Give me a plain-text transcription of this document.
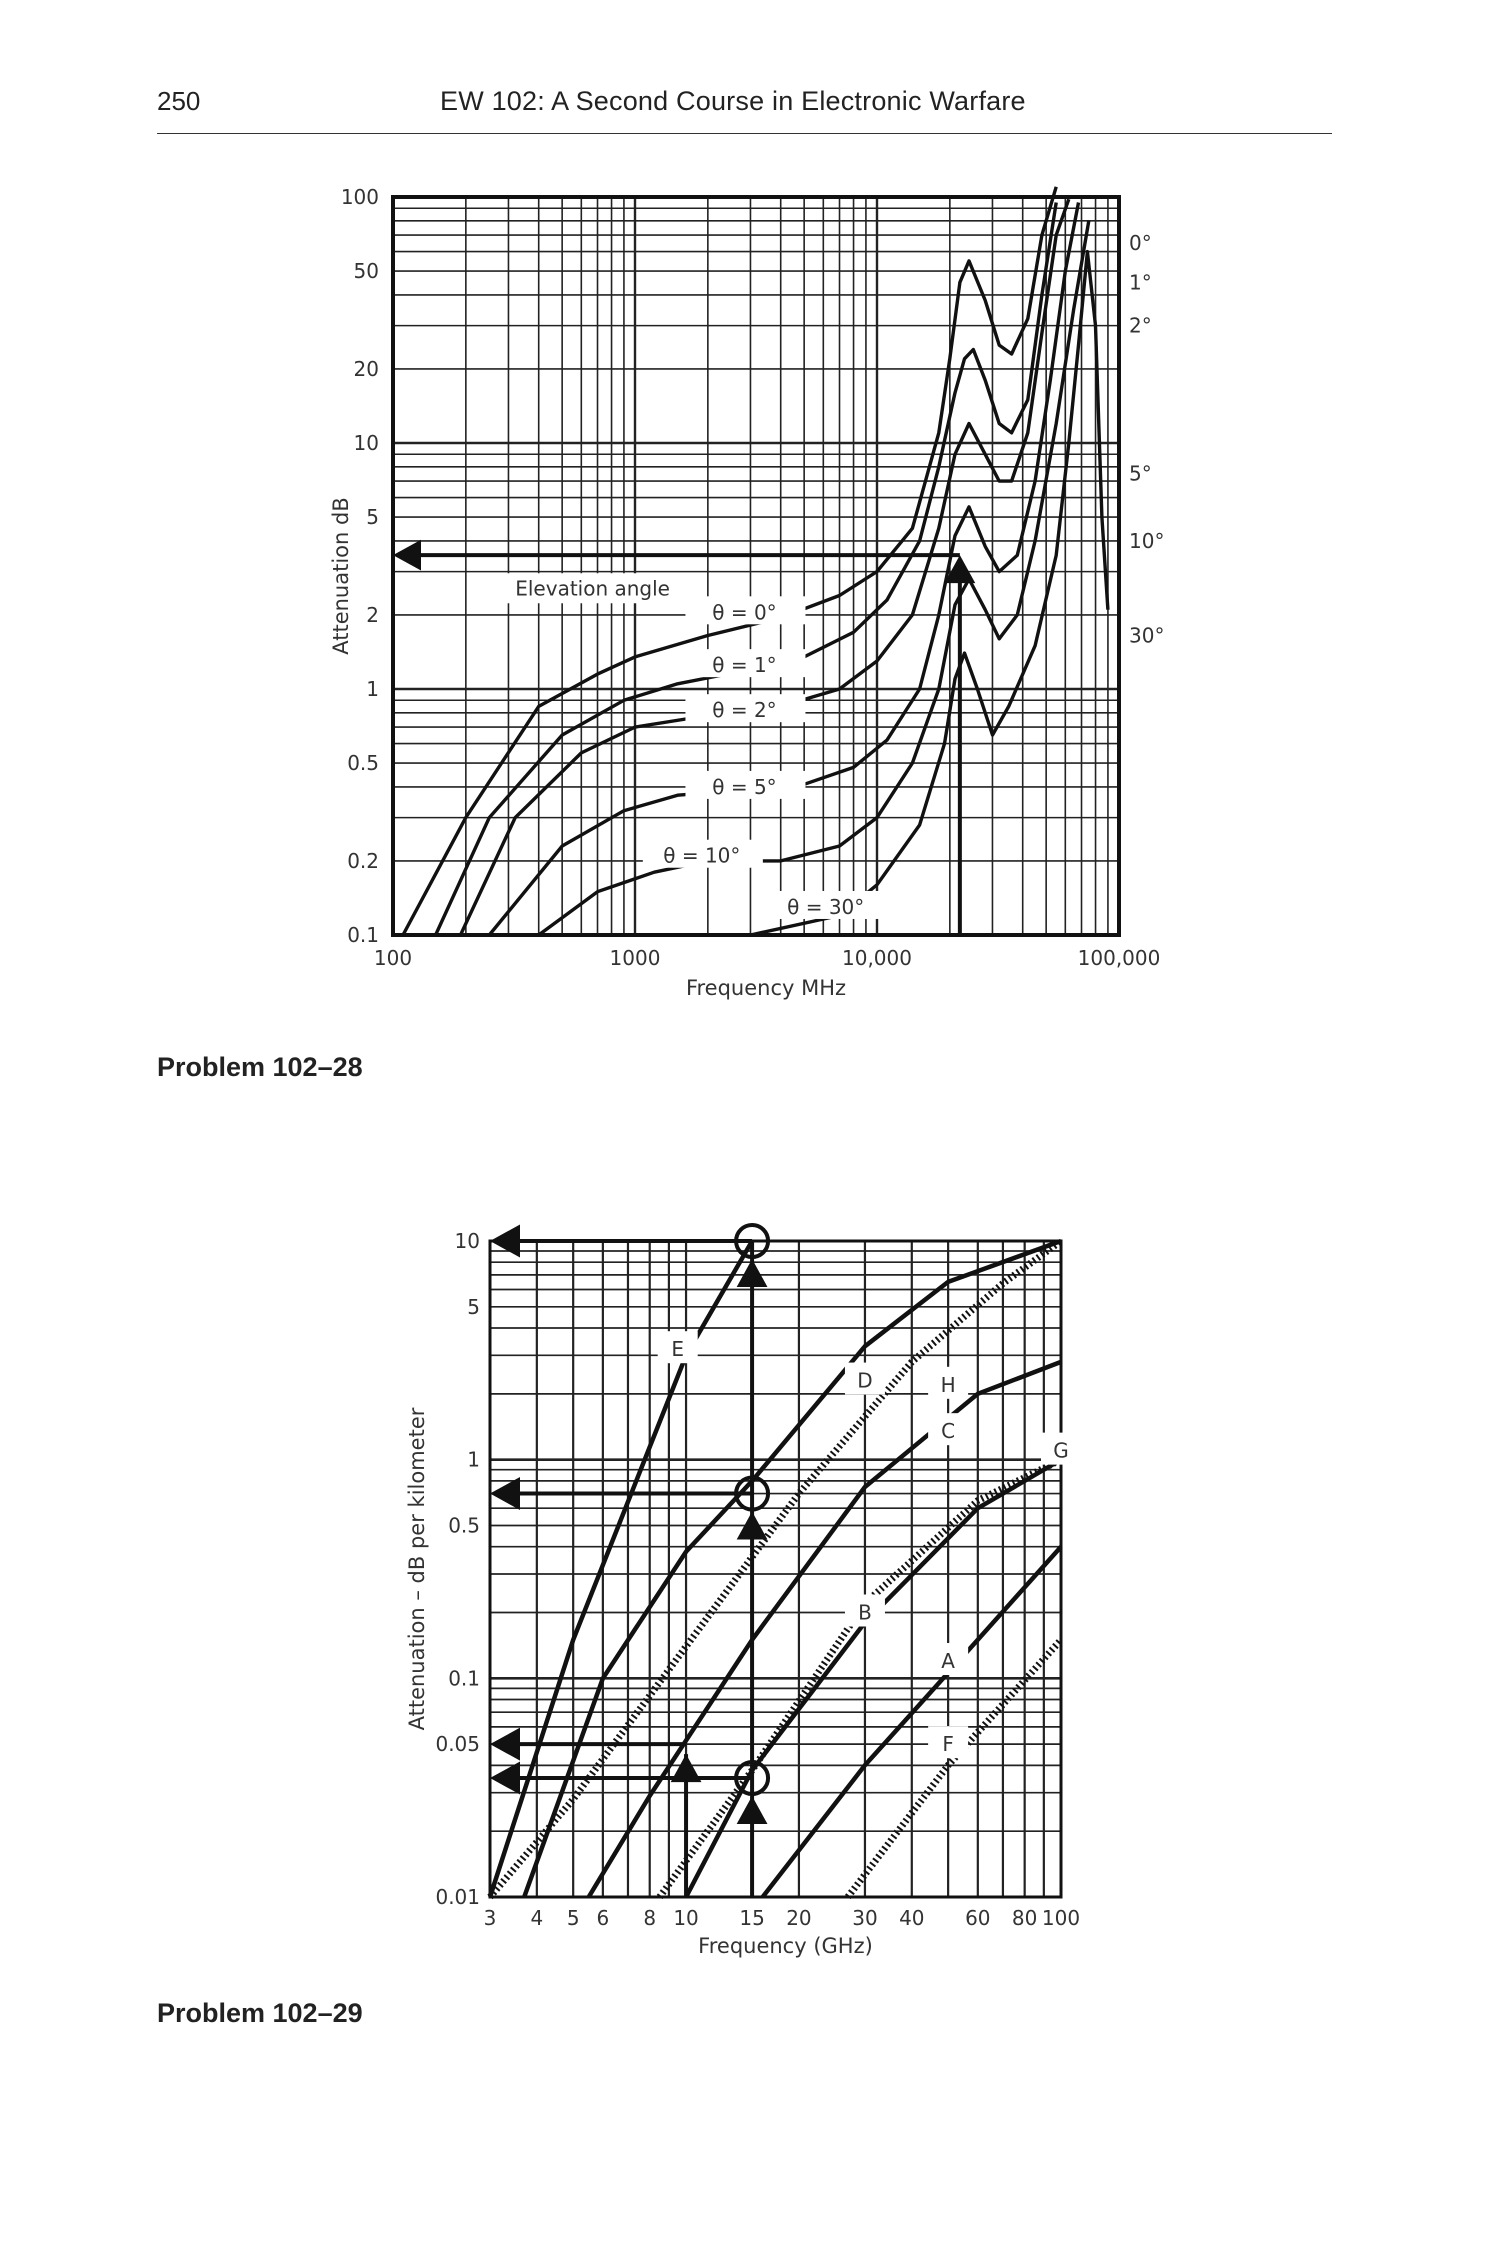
250	EW 102: A Second Course in Electronic Warfare
0°
1°
2°
5°
10°
30°
θ = 0°
θ = 1°
θ = 2°
θ = 5°
θ = 10°
θ = 30°
Elevation angle
100
50
20
10
5
2
1
0.5
0.2
0.1
100	1000	10,000	100,000
Frequency MHz
Attenuation dB
Problem 102–28
E
D	H
C
G
B
A
F
10
5
1
0.5
0.1
0.05
0.01
3 4 5 6 8 10 15 20 30 40 60 80 100
Frequency (GHz)
Attenuation – dB per kilometer
Problem 102–29
